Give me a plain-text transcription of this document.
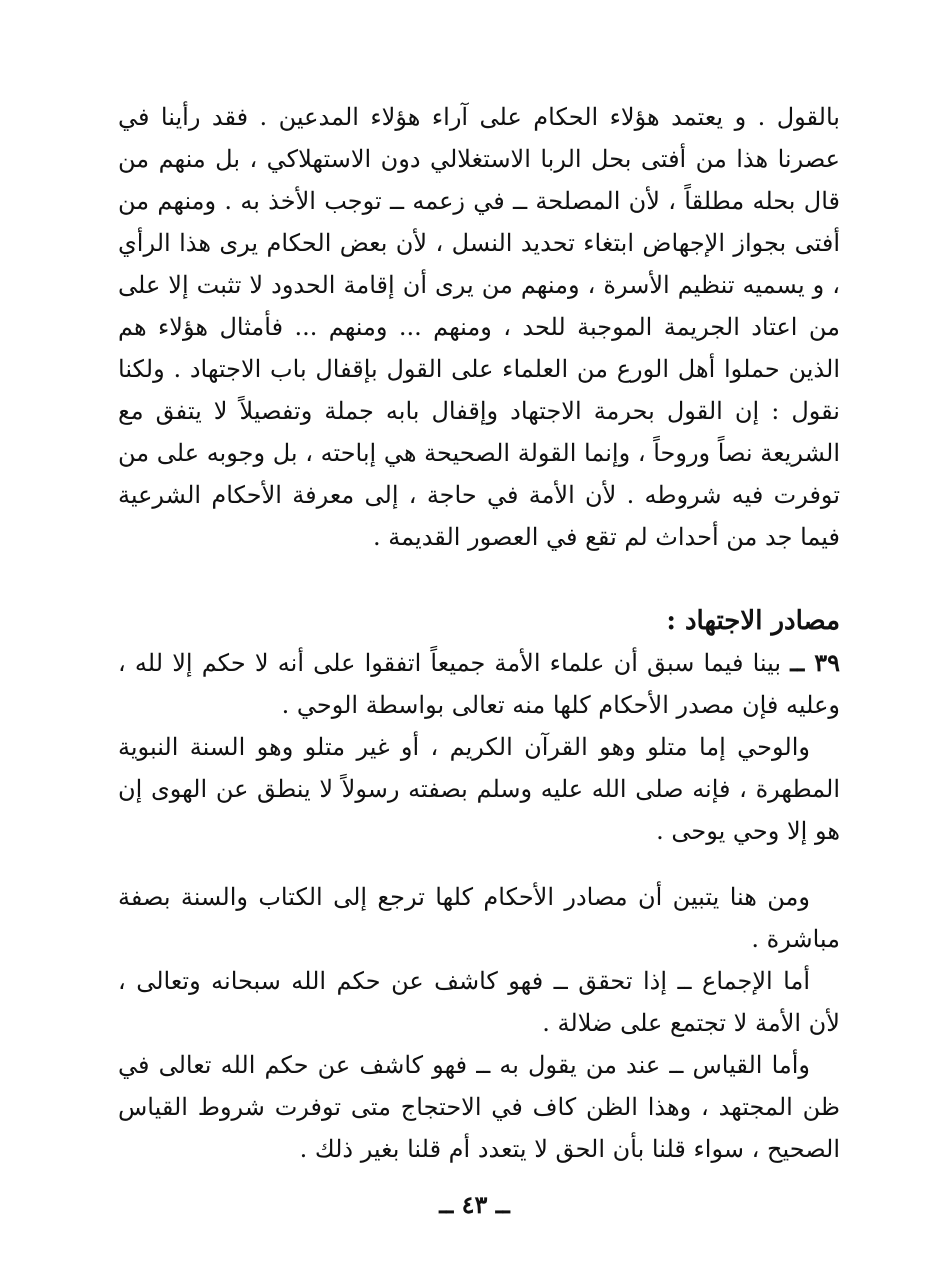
بالقول . و يعتمد هؤلاء الحكام على آراء هؤلاء المدعين . فقد رأينا في عصرنا هذا من أفتى بحل الربا الاستغلالي دون الاستهلاكي ، بل منهم من قال بحله مطلقاً ، لأن المصلحة ــ في زعمه ــ توجب الأخذ به . ومنهم من أفتى بجواز الإجهاض ابتغاء تحديد النسل ، لأن بعض الحكام يرى هذا الرأي ، و يسميه تنظيم الأسرة ، ومنهم من يرى أن إقامة الحدود لا تثبت إلا على من اعتاد الجريمة الموجبة للحد ، ومنهم ... ومنهم ... فأمثال هؤلاء هم الذين حملوا أهل الورع من العلماء على القول بإقفال باب الاجتهاد . ولكنا نقول : إن القول بحرمة الاجتهاد وإقفال بابه جملة وتفصيلاً لا يتفق مع الشريعة نصاً وروحاً ، وإنما القولة الصحيحة هي إباحته ، بل وجوبه على من توفرت فيه شروطه . لأن الأمة في حاجة ، إلى معرفة الأحكام الشرعية فيما جد من أحداث لم تقع في العصور القديمة .

مصادر الاجتهاد :

٣٩ ــ بينا فيما سبق أن علماء الأمة جميعاً اتفقوا على أنه لا حكم إلا لله ، وعليه فإن مصدر الأحكام كلها منه تعالى بواسطة الوحي .

والوحي إما متلو وهو القرآن الكريم ، أو غير متلو وهو السنة النبوية المطهرة ، فإنه صلى الله عليه وسلم بصفته رسولاً لا ينطق عن الهوى إن هو إلا وحي يوحى .

ومن هنا يتبين أن مصادر الأحكام كلها ترجع إلى الكتاب والسنة بصفة مباشرة .

أما الإجماع ــ إذا تحقق ــ فهو كاشف عن حكم الله سبحانه وتعالى ، لأن الأمة لا تجتمع على ضلالة .

وأما القياس ــ عند من يقول به ــ فهو كاشف عن حكم الله تعالى في ظن المجتهد ، وهذا الظن كاف في الاحتجاج متى توفرت شروط القياس الصحيح ، سواء قلنا بأن الحق لا يتعدد أم قلنا بغير ذلك .

ــ ٤٣ ــ
